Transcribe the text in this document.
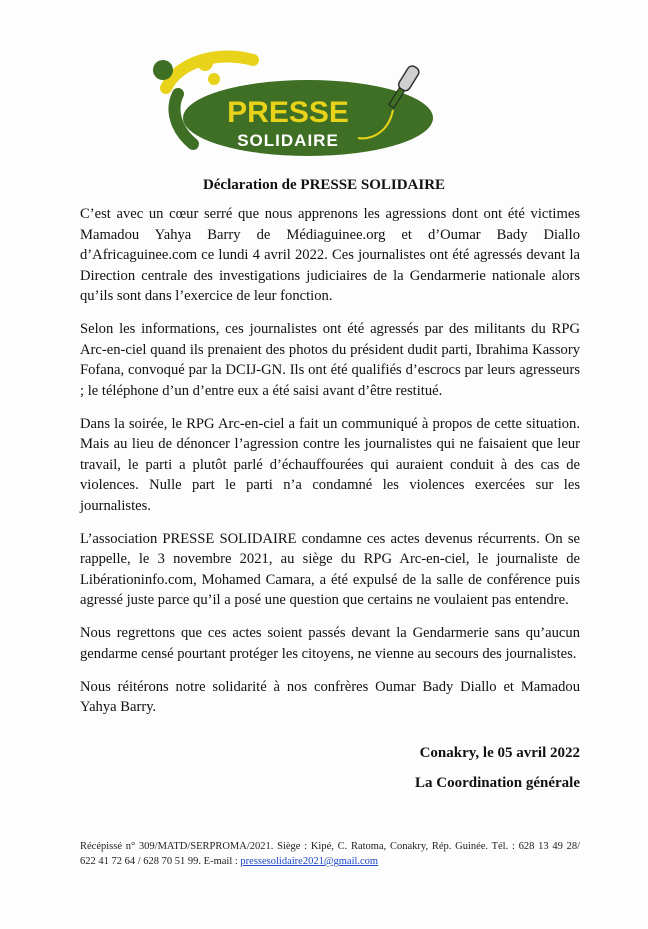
PRESSE
SOLIDAIRE
Déclaration de PRESSE SOLIDAIRE

C’est avec un cœur serré que nous apprenons les agressions dont ont été victimes Mamadou Yahya Barry de Médiaguinee.org et d’Oumar Bady Diallo d’Africaguinee.com ce lundi 4 avril 2022. Ces journalistes ont été agressés devant la Direction centrale des investigations judiciaires de la Gendarmerie nationale alors qu’ils sont dans l’exercice de leur fonction.

Selon les informations, ces journalistes ont été agressés par des militants du RPG Arc-en-ciel quand ils prenaient des photos du président dudit parti, Ibrahima Kassory Fofana, convoqué par la DCIJ-GN. Ils ont été qualifiés d’escrocs par leurs agresseurs ; le téléphone d’un d’entre eux a été saisi avant d’être restitué.

Dans la soirée, le RPG Arc-en-ciel a fait un communiqué à propos de cette situation. Mais au lieu de dénoncer l’agression contre les journalistes qui ne faisaient que leur travail, le parti a plutôt parlé d’échauffourées qui auraient conduit à des cas de violences. Nulle part le parti n’a condamné les violences exercées sur les journalistes.

L’association PRESSE SOLIDAIRE condamne ces actes devenus récurrents. On se rappelle, le 3 novembre 2021, au siège du RPG Arc-en-ciel, le journaliste de Libérationinfo.com, Mohamed Camara, a été expulsé de la salle de conférence puis agressé juste parce qu’il a posé une question que certains ne voulaient pas entendre.

Nous regrettons que ces actes soient passés devant la Gendarmerie sans qu’aucun gendarme censé pourtant protéger les citoyens, ne vienne au secours des journalistes.

Nous réitérons notre solidarité à nos confrères Oumar Bady Diallo et Mamadou Yahya Barry.

Conakry, le 05 avril 2022
La Coordination générale
Récépissé n° 309/MATD/SERPROMA/2021. Siège : Kipé, C. Ratoma, Conakry, Rép. Guinée. Tél. : 628 13 49 28/ 622 41 72 64 / 628 70 51 99. E-mail : pressesolidaire2021@gmail.com
